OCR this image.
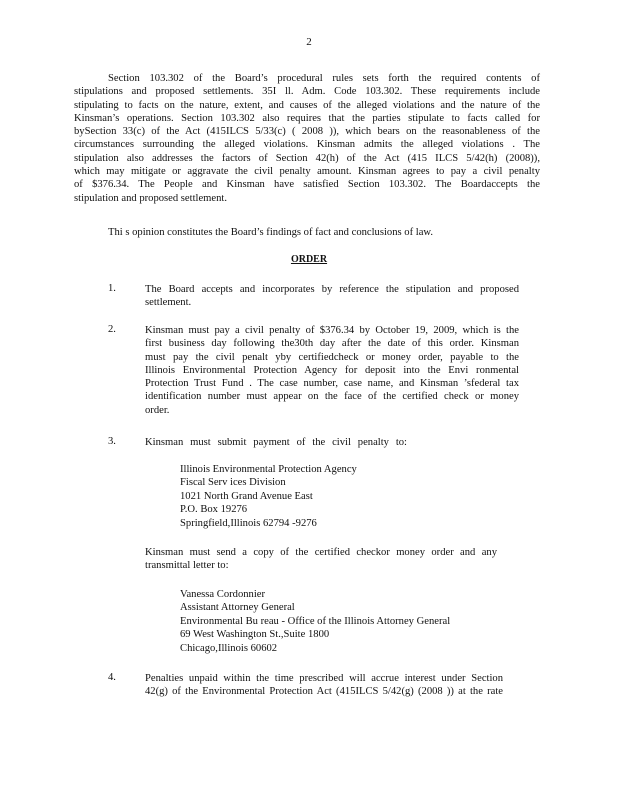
2
Section 103.302 of the Board’s procedural rules sets forth the required contents of
stipulations and proposed settlements. 35I ll. Adm. Code 103.302. These requirements include
stipulating to facts on the nature, extent, and causes of the alleged violations and the nature of the
Kinsman’s operations. Section 103.302 also requires that the parties stipulate to facts called for
bySection 33(c) of the Act (415ILCS 5/33(c) ( 2008 )), which bears on the reasonableness of the
circumstances surrounding the alleged violations. Kinsman admits the alleged violations . The
stipulation also addresses the factors of Section 42(h) of the Act (415 ILCS 5/42(h) (2008)),
which may mitigate or aggravate the civil penalty amount. Kinsman agrees to pay a civil penalty
of $376.34. The People and Kinsman have satisfied Section 103.302. The Boardaccepts the
stipulation and proposed settlement.
Thi s opinion constitutes the Board’s findings of fact and conclusions of law.
ORDER
1.	The Board accepts and incorporates by reference the stipulation and proposed
settlement.
2.	Kinsman must pay a civil penalty of $376.34 by October 19, 2009, which is the
first business day following the30th day after the date of this order. Kinsman
must pay the civil penalt yby certifiedcheck or money order, payable to the
Illinois Environmental Protection Agency for deposit into the Envi ronmental
Protection Trust Fund . The case number, case name, and Kinsman ’sfederal tax
identification number must appear on the face of the certified check or money
order.
3.	Kinsman must submit payment of the civil penalty to:
Illinois Environmental Protection Agency
Fiscal Serv ices Division
1021 North Grand Avenue East
P.O. Box 19276
Springfield,Illinois 62794 -9276
Kinsman must send a copy of the certified checkor money order and any
transmittal letter to:
Vanessa Cordonnier
Assistant Attorney General
Environmental Bu reau - Office of the Illinois Attorney General
69 West Washington St.,Suite 1800
Chicago,Illinois 60602
4.	Penalties unpaid within the time prescribed will accrue interest under Section
42(g) of the Environmental Protection Act (415ILCS 5/42(g) (2008 )) at the rate
